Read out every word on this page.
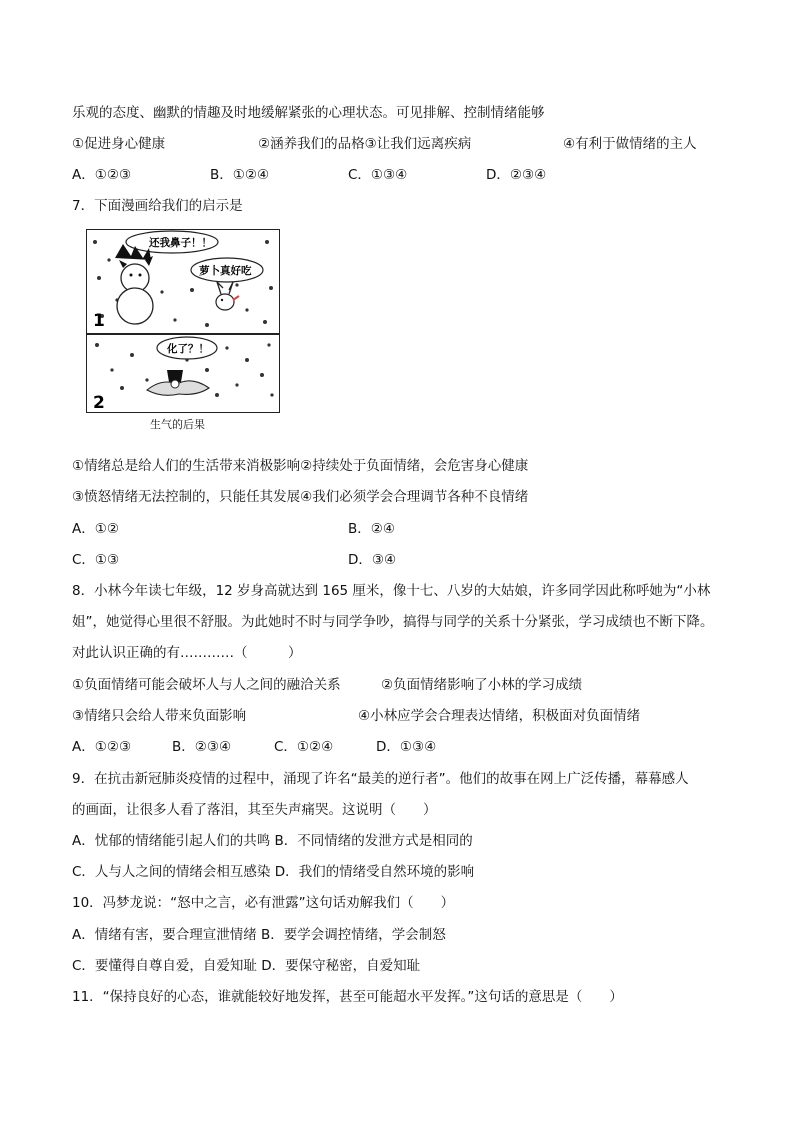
乐观的态度、幽默的情趣及时地缓解紧张的心理状态。可见排解、控制情绪能够
①促进身心健康	②涵养我们的品格③让我们远离疾病	④有利于做情绪的主人
A．①②③	B．①②④	C．①③④	D．②③④
7．下面漫画给我们的启示是
还我鼻子！！
萝卜真好吃
1
化了？！
2
生气的后果
①情绪总是给人们的生活带来消极影响②持续处于负面情绪，会危害身心健康
③愤怒情绪无法控制的，只能任其发展④我们必须学会合理调节各种不良情绪
A．①②	B．②④
C．①③	D．③④
8．小林今年读七年级，12 岁身高就达到 165 厘米，像十七、八岁的大姑娘，许多同学因此称呼她为“小林
姐”，她觉得心里很不舒服。为此她时不时与同学争吵，搞得与同学的关系十分紧张，学习成绩也不断下降。
对此认识正确的有…………（　　　）
①负面情绪可能会破坏人与人之间的融洽关系	②负面情绪影响了小林的学习成绩
③情绪只会给人带来负面影响	④小林应学会合理表达情绪，积极面对负面情绪
A．①②③	B．②③④	C．①②④	D．①③④
9．在抗击新冠肺炎疫情的过程中，涌现了许名“最美的逆行者”。他们的故事在网上广泛传播，幕幕感人
的画面，让很多人看了落泪，其至失声痛哭。这说明（　　）
A．忧郁的情绪能引起人们的共鸣 B．不同情绪的发泄方式是相同的
C．人与人之间的情绪会相互感染 D．我们的情绪受自然环境的影响
10．冯梦龙说：“怒中之言，必有泄露”这句话劝解我们（　　）
A．情绪有害，要合理宣泄情绪 B．要学会调控情绪，学会制怒
C．要懂得自尊自爱，自爱知耻 D．要保守秘密，自爱知耻
11．“保持良好的心态，谁就能较好地发挥，甚至可能超水平发挥。”这句话的意思是（　　）
